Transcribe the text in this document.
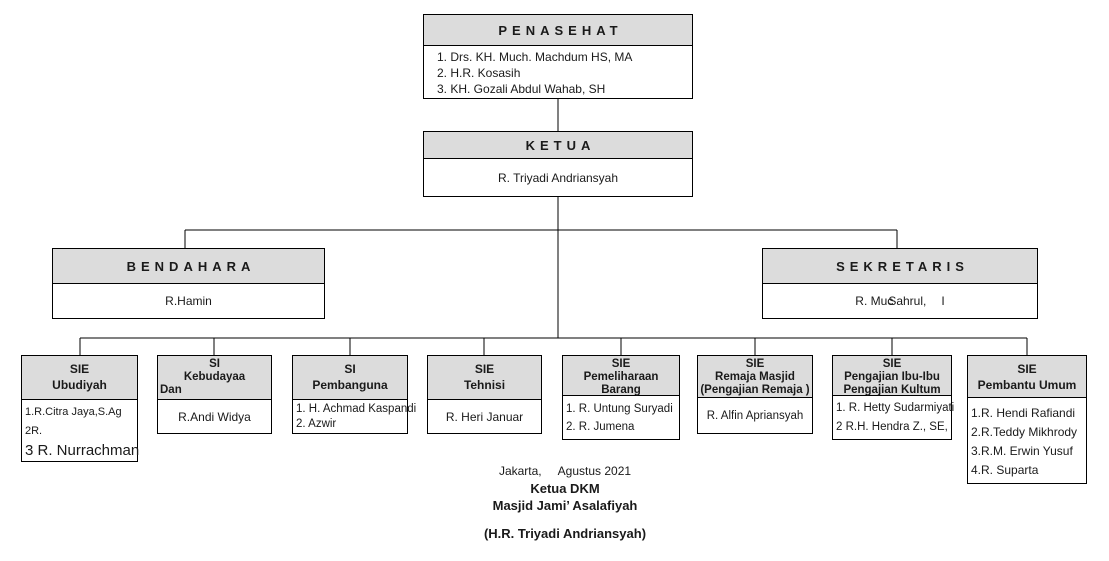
PENASEHAT
1. Drs. KH. Much. Machdum HS, MA
2. H.R. Kosasih
3. KH. Gozali Abdul Wahab, SH
KETUA
R. Triyadi Andriansyah
BENDAHARA
R.Hamin
SEKRETARIS
R. Muc
Sahrul, I
SIE
Ubudiyah
1.R.Citra Jaya,S.Ag
2R.
3 R. Nurrachman
SI
Kebudayaa
Dan
R.Andi Widya
SI
Pembanguna
1. H. Achmad Kaspandi
2. Azwir
SIE
Tehnisi
R. Heri Januar
SIE
Pemeliharaan
Barang
1. R. Untung Suryadi
2. R. Jumena
SIE
Remaja Masjid
(Pengajian Remaja )
R. Alfin Apriansyah
SIE
Pengajian Ibu-Ibu
Pengajian Kultum
1. R. Hetty Sudarmiyati
2 R.H. Hendra Z., SE,
SIE
Pembantu Umum
1.R. Hendi Rafiandi
2.R.Teddy Mikhrody
3.R.M. Erwin Yusuf
4.R. Suparta
Jakarta,     Agustus 2021
Ketua DKM
Masjid Jami’ Asalafiyah
(H.R. Triyadi Andriansyah)
